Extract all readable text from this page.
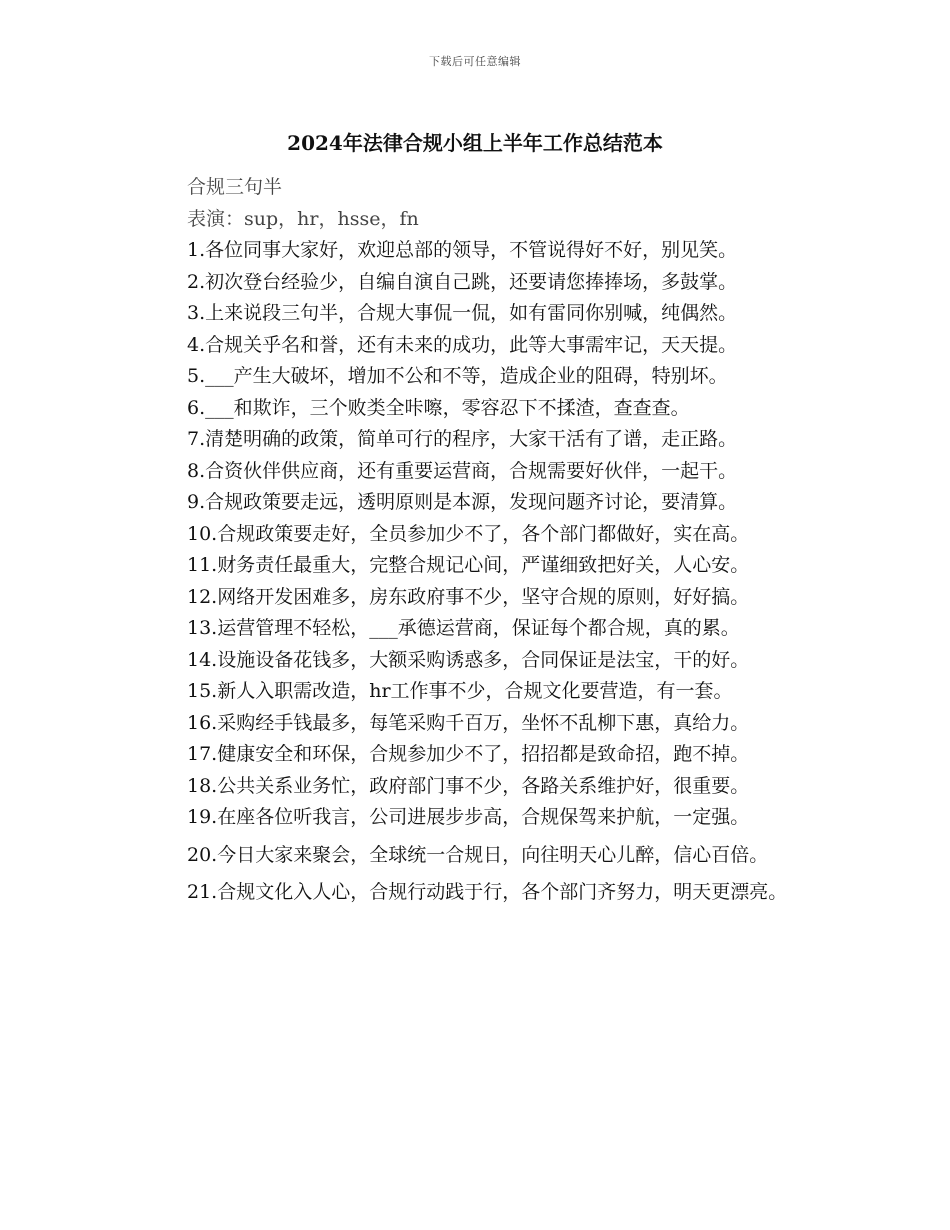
下载后可任意编辑
2024年法律合规小组上半年工作总结范本
合规三句半
表演：sup，hr，hsse，fn
1.各位同事大家好，欢迎总部的领导，不管说得好不好，别见笑。
2.初次登台经验少，自编自演自己跳，还要请您捧捧场，多鼓掌。
3.上来说段三句半，合规大事侃一侃，如有雷同你别喊，纯偶然。
4.合规关乎名和誉，还有未来的成功，此等大事需牢记，天天提。
5.___产生大破坏，增加不公和不等，造成企业的阻碍，特别坏。
6.___和欺诈，三个败类全咔嚓，零容忍下不揉渣，查查查。
7.清楚明确的政策，简单可行的程序，大家干活有了谱，走正路。
8.合资伙伴供应商，还有重要运营商，合规需要好伙伴，一起干。
9.合规政策要走远，透明原则是本源，发现问题齐讨论，要清算。
10.合规政策要走好，全员参加少不了，各个部门都做好，实在高。
11.财务责任最重大，完整合规记心间，严谨细致把好关，人心安。
12.网络开发困难多，房东政府事不少，坚守合规的原则，好好搞。
13.运营管理不轻松，___承德运营商，保证每个都合规，真的累。
14.设施设备花钱多，大额采购诱惑多，合同保证是法宝，干的好。
15.新人入职需改造，hr工作事不少，合规文化要营造，有一套。
16.采购经手钱最多，每笔采购千百万，坐怀不乱柳下惠，真给力。
17.健康安全和环保，合规参加少不了，招招都是致命招，跑不掉。
18.公共关系业务忙，政府部门事不少，各路关系维护好，很重要。
19.在座各位听我言，公司进展步步高，合规保驾来护航，一定强。
20.今日大家来聚会，全球统一合规日，向往明天心儿醉，信心百倍。
21.合规文化入人心，合规行动践于行，各个部门齐努力，明天更漂亮。
